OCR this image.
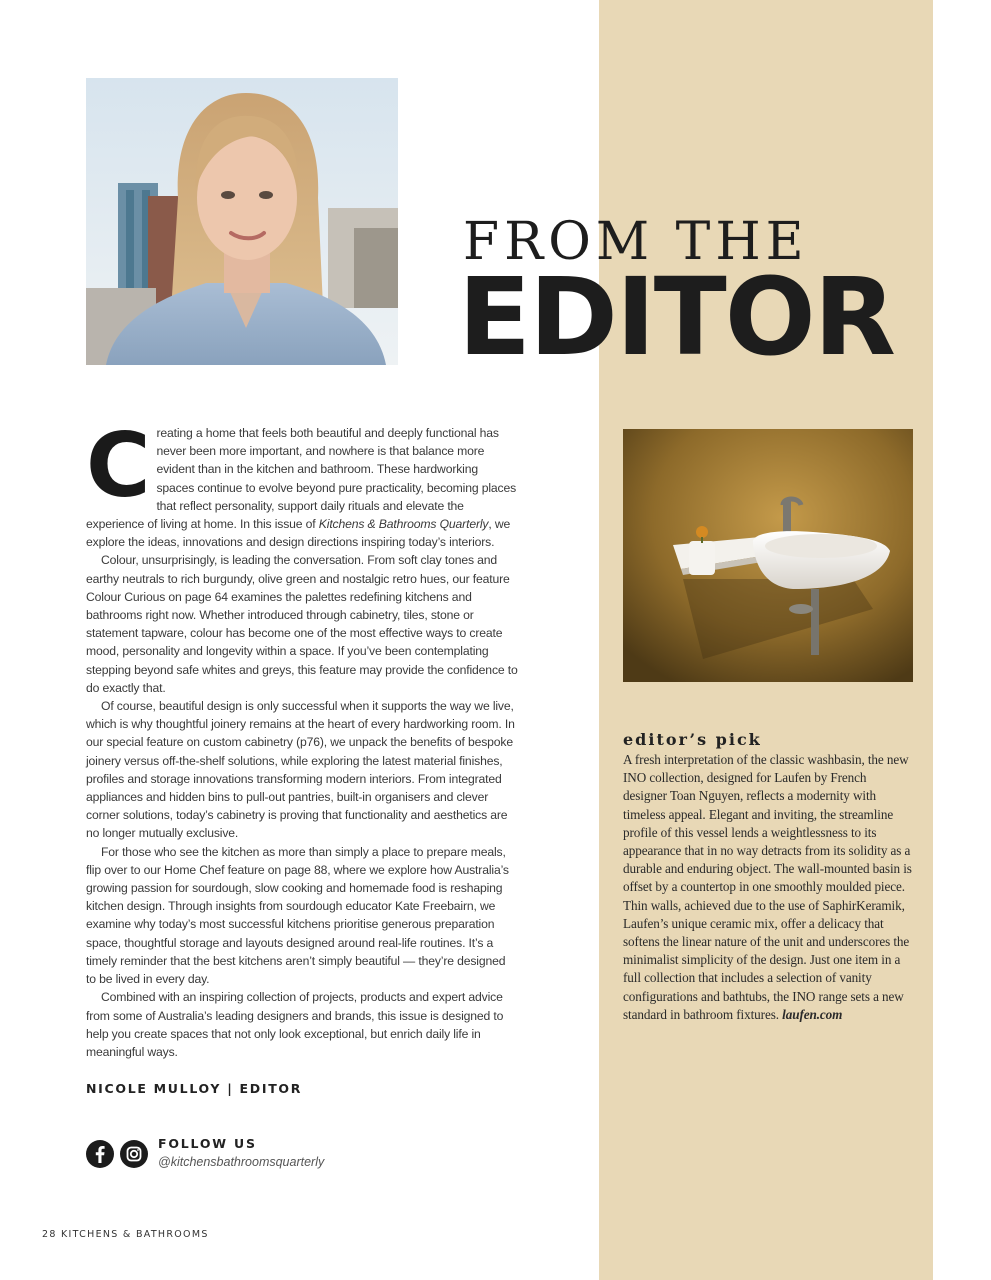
FROM THE
EDITOR

Creating a home that feels both beautiful and deeply functional has never been more important, and nowhere is that balance more evident than in the kitchen and bathroom. These hardworking spaces continue to evolve beyond pure practicality, becoming places that reflect personality, support daily rituals and elevate the experience of living at home. In this issue of Kitchens & Bathrooms Quarterly, we explore the ideas, innovations and design directions inspiring today’s interiors.

Colour, unsurprisingly, is leading the conversation. From soft clay tones and earthy neutrals to rich burgundy, olive green and nostalgic retro hues, our feature Colour Curious on page 64 examines the palettes redefining kitchens and bathrooms right now. Whether introduced through cabinetry, tiles, stone or statement tapware, colour has become one of the most effective ways to create mood, personality and longevity within a space. If you’ve been contemplating stepping beyond safe whites and greys, this feature may provide the confidence to do exactly that.

Of course, beautiful design is only successful when it supports the way we live, which is why thoughtful joinery remains at the heart of every hardworking room. In our special feature on custom cabinetry (p76), we unpack the benefits of bespoke joinery versus off-the-shelf solutions, while exploring the latest material finishes, profiles and storage innovations transforming modern interiors. From integrated appliances and hidden bins to pull-out pantries, built-in organisers and clever corner solutions, today’s cabinetry is proving that functionality and aesthetics are no longer mutually exclusive.

For those who see the kitchen as more than simply a place to prepare meals, flip over to our Home Chef feature on page 88, where we explore how Australia’s growing passion for sourdough, slow cooking and homemade food is reshaping kitchen design. Through insights from sourdough educator Kate Freebairn, we examine why today’s most successful kitchens prioritise generous preparation space, thoughtful storage and layouts designed around real-life routines. It’s a timely reminder that the best kitchens aren’t simply beautiful — they’re designed to be lived in every day.

Combined with an inspiring collection of projects, products and expert advice from some of Australia’s leading designers and brands, this issue is designed to help you create spaces that not only look exceptional, but enrich daily life in meaningful ways.

NICOLE MULLOY | EDITOR
FOLLOW US
@kitchensbathroomsquarterly
28 KITCHENS & BATHROOMS
editor’s pick

A fresh interpretation of the classic washbasin, the new INO collection, designed for Laufen by French designer Toan Nguyen, reflects a modernity with timeless appeal. Elegant and inviting, the streamline profile of this vessel lends a weightlessness to its appearance that in no way detracts from its solidity as a durable and enduring object. The wall-mounted basin is offset by a countertop in one smoothly moulded piece. Thin walls, achieved due to the use of SaphirKeramik, Laufen’s unique ceramic mix, offer a delicacy that softens the linear nature of the unit and underscores the minimalist simplicity of the design. Just one item in a full collection that includes a selection of vanity configurations and bathtubs, the INO range sets a new standard in bathroom fixtures. laufen.com
